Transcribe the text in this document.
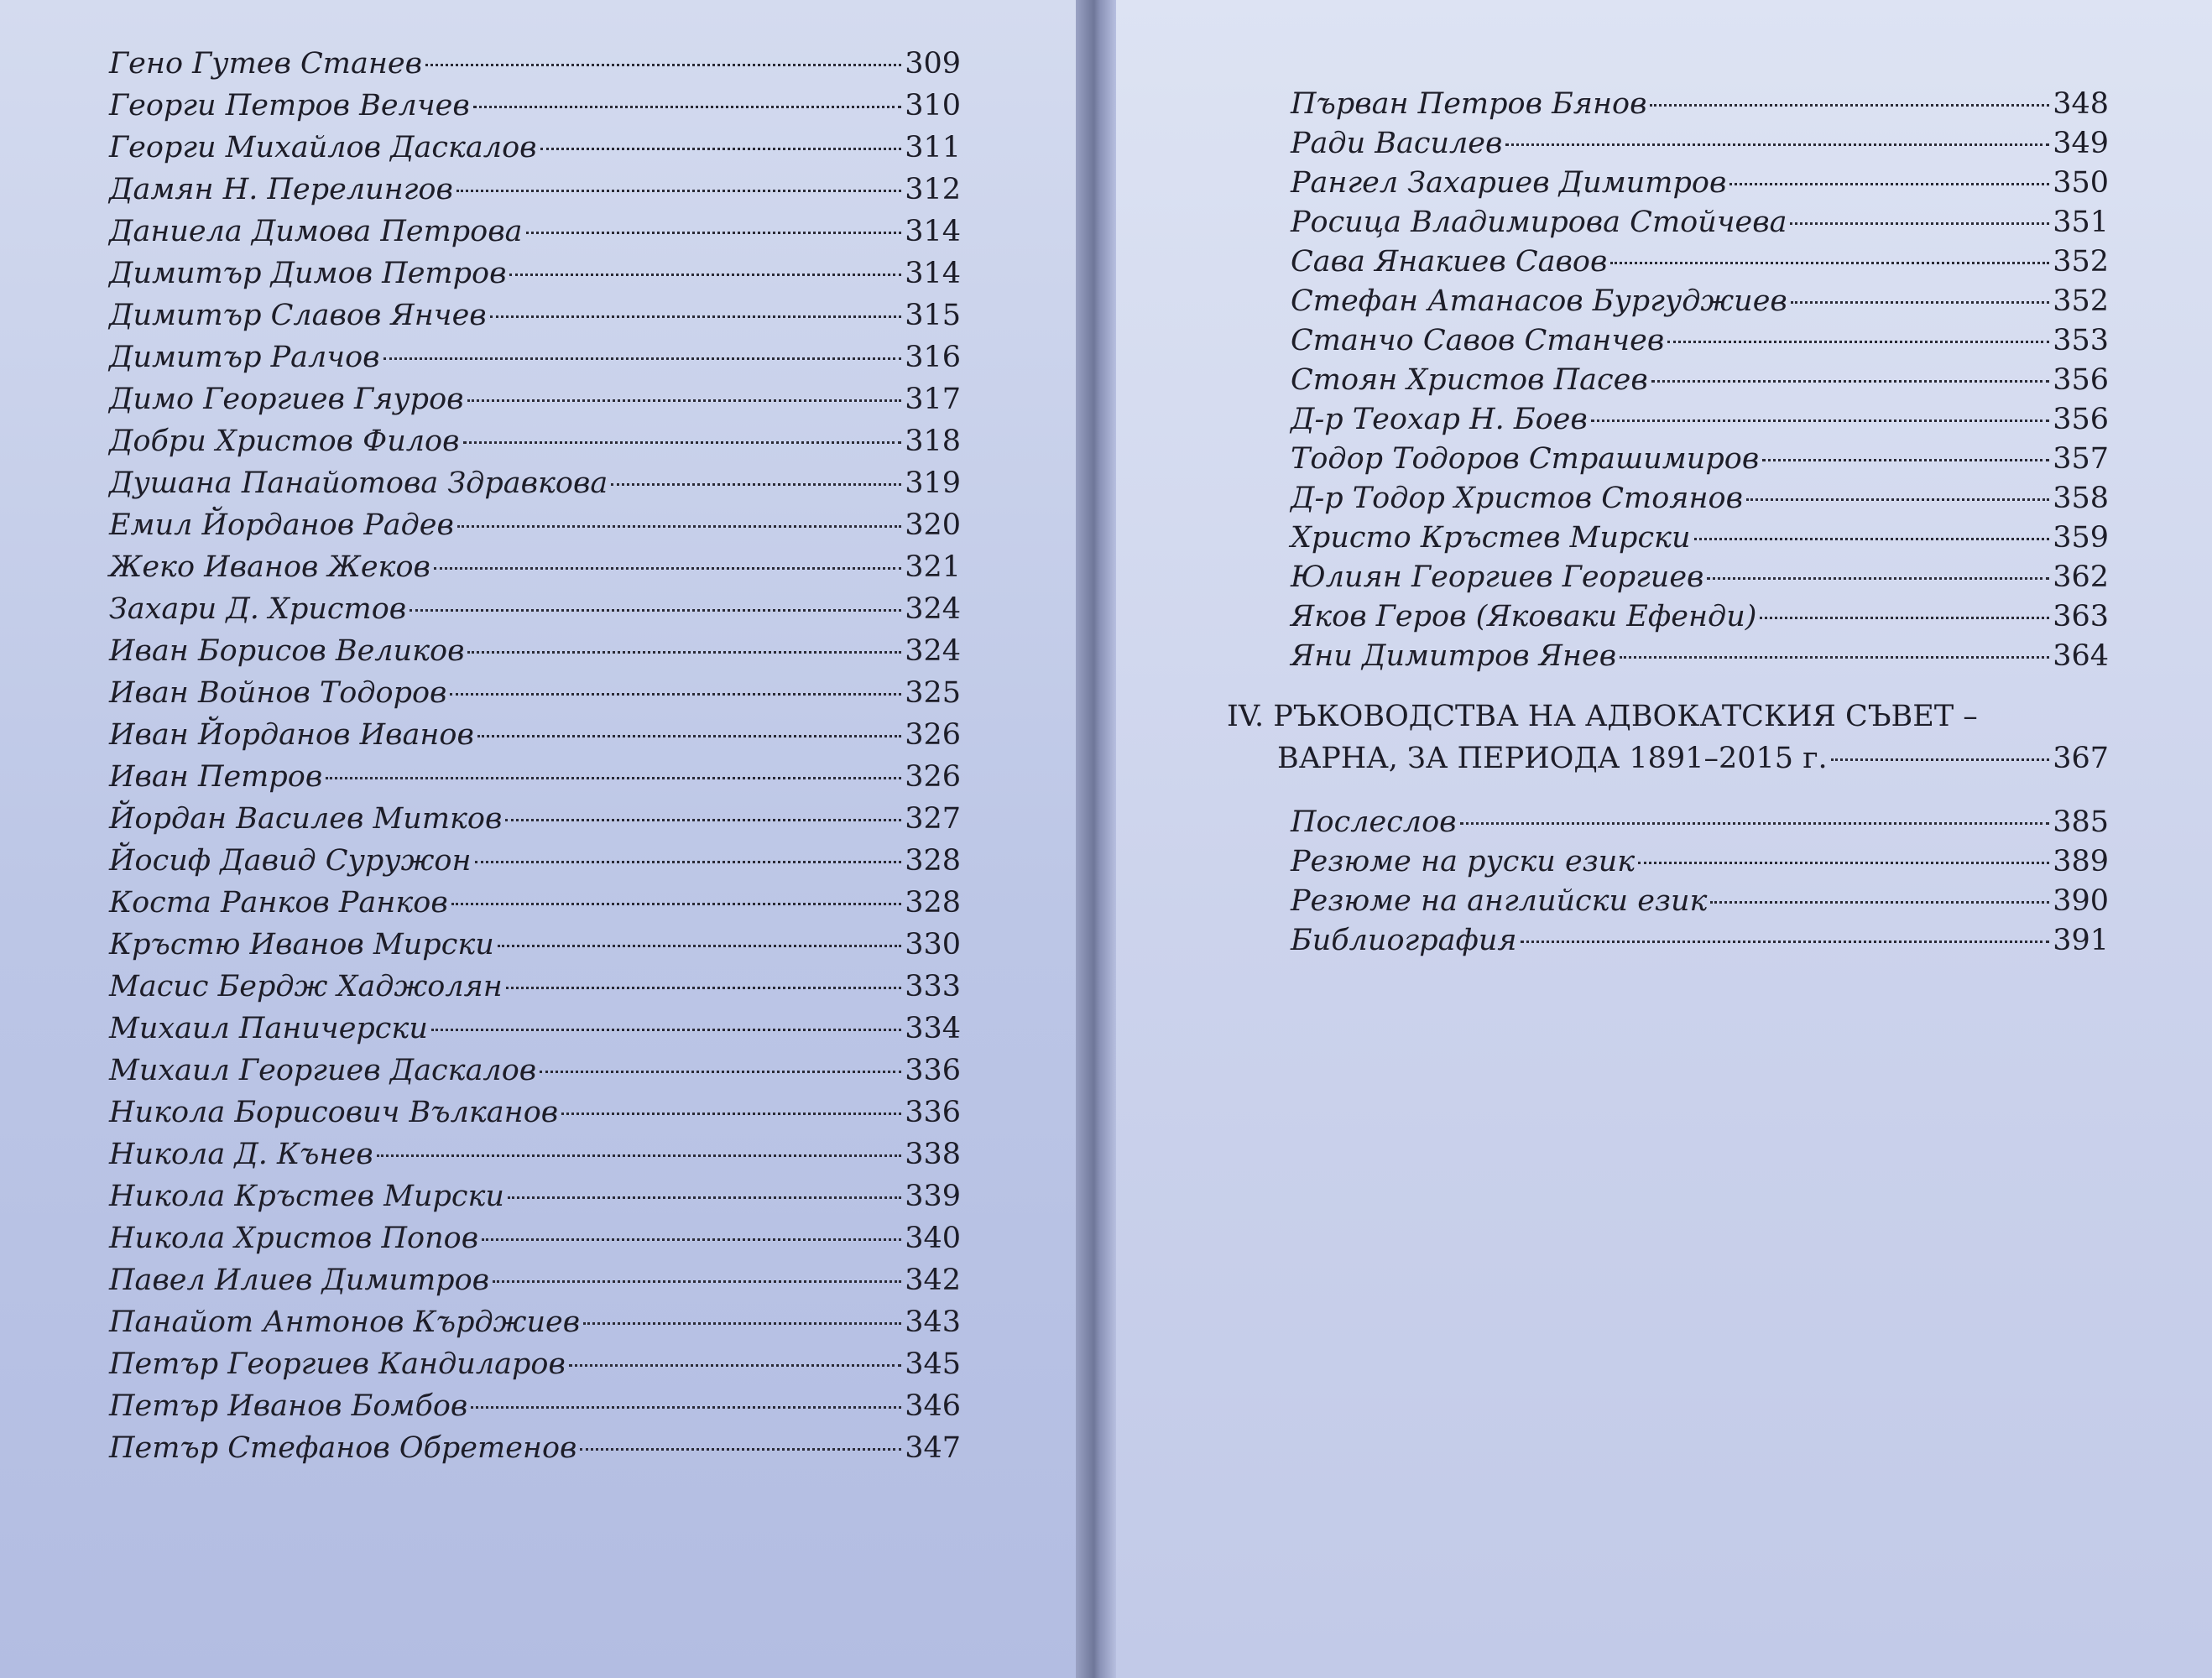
Гено Гутев Станев	309
Георги Петров Велчев	310
Георги Михайлов Даскалов	311
Дамян Н. Перелингов	312
Даниела Димова Петрова	314
Димитър Димов Петров	314
Димитър Славов Янчев	315
Димитър Ралчов	316
Димо Георгиев Гяуров	317
Добри Христов Филов	318
Душана Панайотова Здравкова	319
Емил Йорданов Радев	320
Жеко Иванов Жеков	321
Захари Д. Христов	324
Иван Борисов Великов	324
Иван Войнов Тодоров	325
Иван Йорданов Иванов	326
Иван Петров	326
Йордан Василев Митков	327
Йосиф Давид Суружон	328
Коста Ранков Ранков	328
Кръстю Иванов Мирски	330
Масис Бердж Хаджолян	333
Михаил Паничерски	334
Михаил Георгиев Даскалов	336
Никола Борисович Вълканов	336
Никола Д. Кънев	338
Никола Кръстев Мирски	339
Никола Христов Попов	340
Павел Илиев Димитров	342
Панайот Антонов Кърджиев	343
Петър Георгиев Кандиларов	345
Петър Иванов Бомбов	346
Петър Стефанов Обретенов	347
Първан Петров Бянов	348
Ради Василев	349
Рангел Захариев Димитров	350
Росица Владимирова Стойчева	351
Сава Янакиев Савов	352
Стефан Атанасов Бургуджиев	352
Станчо Савов Станчев	353
Стоян Христов Пасев	356
Д-р Теохар Н. Боев	356
Тодор Тодоров Страшимиров	357
Д-р Тодор Христов Стоянов	358
Христо Кръстев Мирски	359
Юлиян Георгиев Георгиев	362
Яков Геров (Яковаки Ефенди)	363
Яни Димитров Янев	364
IV. РЪКОВОДСТВА НА АДВОКАТСКИЯ СЪВЕТ –
ВАРНА, ЗА ПЕРИОДА 1891–2015 г.	367
Послеслов	385
Резюме на руски език	389
Резюме на английски език	390
Библиография	391
